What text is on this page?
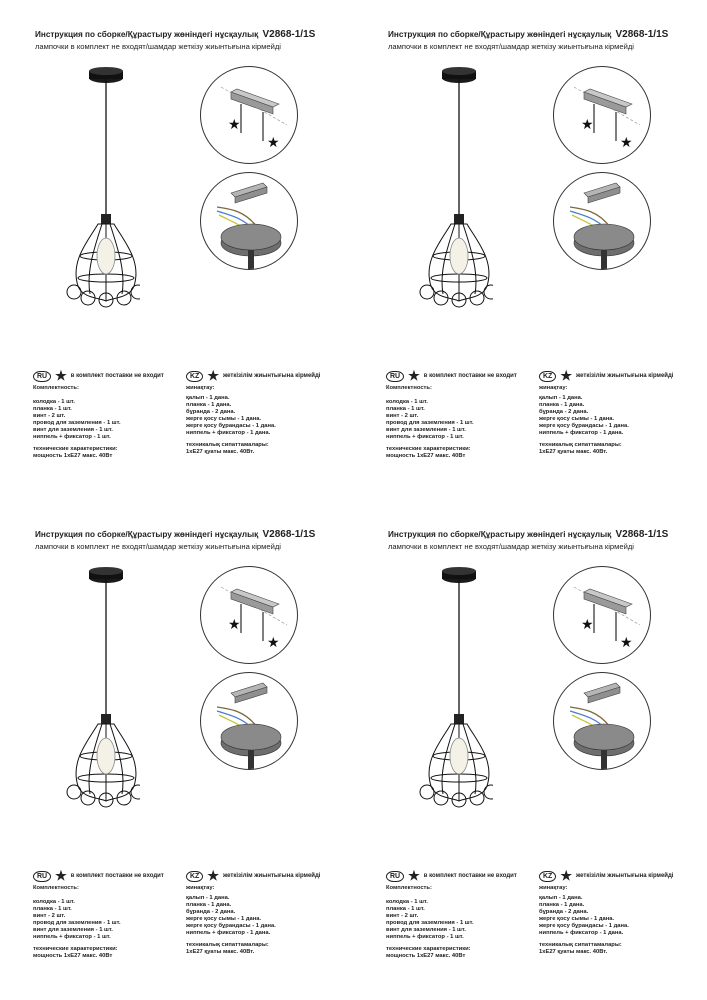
Инструкция по сборке/Құрастыру жөніндегі нұсқаулық V2868-1/1S
лампочки в комплект не входят/шамдар жеткізу жиынтығына кірмейді
★
★
RU ★ в комплект поставки не входит
Комплектность:
колодка - 1 шт.
планка - 1 шт.
винт - 2 шт.
провод для заземления - 1 шт.
винт для заземления - 1 шт.
ниппель + фиксатор - 1 шт.
технические характеристики:
мощность 1хЕ27 макс. 40Вт
KZ ★ жеткізілім жиынтығына кірмейді
жинақтау:
қалып - 1 дана.
планка - 1 дана.
бұранда - 2 дана.
жерге қосу сымы - 1 дана.
жерге қосу бұрандасы - 1 дана.
ниппель + фиксатор - 1 дана.
техникалық сипаттамалары:
1хЕ27 қуаты макс. 40Вт.
Инструкция по сборке/Құрастыру жөніндегі нұсқаулық V2868-1/1S
лампочки в комплект не входят/шамдар жеткізу жиынтығына кірмейді
★
★
RU ★ в комплект поставки не входит
Комплектность:
колодка - 1 шт.
планка - 1 шт.
винт - 2 шт.
провод для заземления - 1 шт.
винт для заземления - 1 шт.
ниппель + фиксатор - 1 шт.
технические характеристики:
мощность 1хЕ27 макс. 40Вт
KZ ★ жеткізілім жиынтығына кірмейді
жинақтау:
қалып - 1 дана.
планка - 1 дана.
бұранда - 2 дана.
жерге қосу сымы - 1 дана.
жерге қосу бұрандасы - 1 дана.
ниппель + фиксатор - 1 дана.
техникалық сипаттамалары:
1хЕ27 қуаты макс. 40Вт.
Инструкция по сборке/Құрастыру жөніндегі нұсқаулық V2868-1/1S
лампочки в комплект не входят/шамдар жеткізу жиынтығына кірмейді
★
★
RU ★ в комплект поставки не входит
Комплектность:
колодка - 1 шт.
планка - 1 шт.
винт - 2 шт.
провод для заземления - 1 шт.
винт для заземления - 1 шт.
ниппель + фиксатор - 1 шт.
технические характеристики:
мощность 1хЕ27 макс. 40Вт
KZ ★ жеткізілім жиынтығына кірмейді
жинақтау:
қалып - 1 дана.
планка - 1 дана.
бұранда - 2 дана.
жерге қосу сымы - 1 дана.
жерге қосу бұрандасы - 1 дана.
ниппель + фиксатор - 1 дана.
техникалық сипаттамалары:
1хЕ27 қуаты макс. 40Вт.
Инструкция по сборке/Құрастыру жөніндегі нұсқаулық V2868-1/1S
лампочки в комплект не входят/шамдар жеткізу жиынтығына кірмейді
★
★
RU ★ в комплект поставки не входит
Комплектность:
колодка - 1 шт.
планка - 1 шт.
винт - 2 шт.
провод для заземления - 1 шт.
винт для заземления - 1 шт.
ниппель + фиксатор - 1 шт.
технические характеристики:
мощность 1хЕ27 макс. 40Вт
KZ ★ жеткізілім жиынтығына кірмейді
жинақтау:
қалып - 1 дана.
планка - 1 дана.
бұранда - 2 дана.
жерге қосу сымы - 1 дана.
жерге қосу бұрандасы - 1 дана.
ниппель + фиксатор - 1 дана.
техникалық сипаттамалары:
1хЕ27 қуаты макс. 40Вт.
